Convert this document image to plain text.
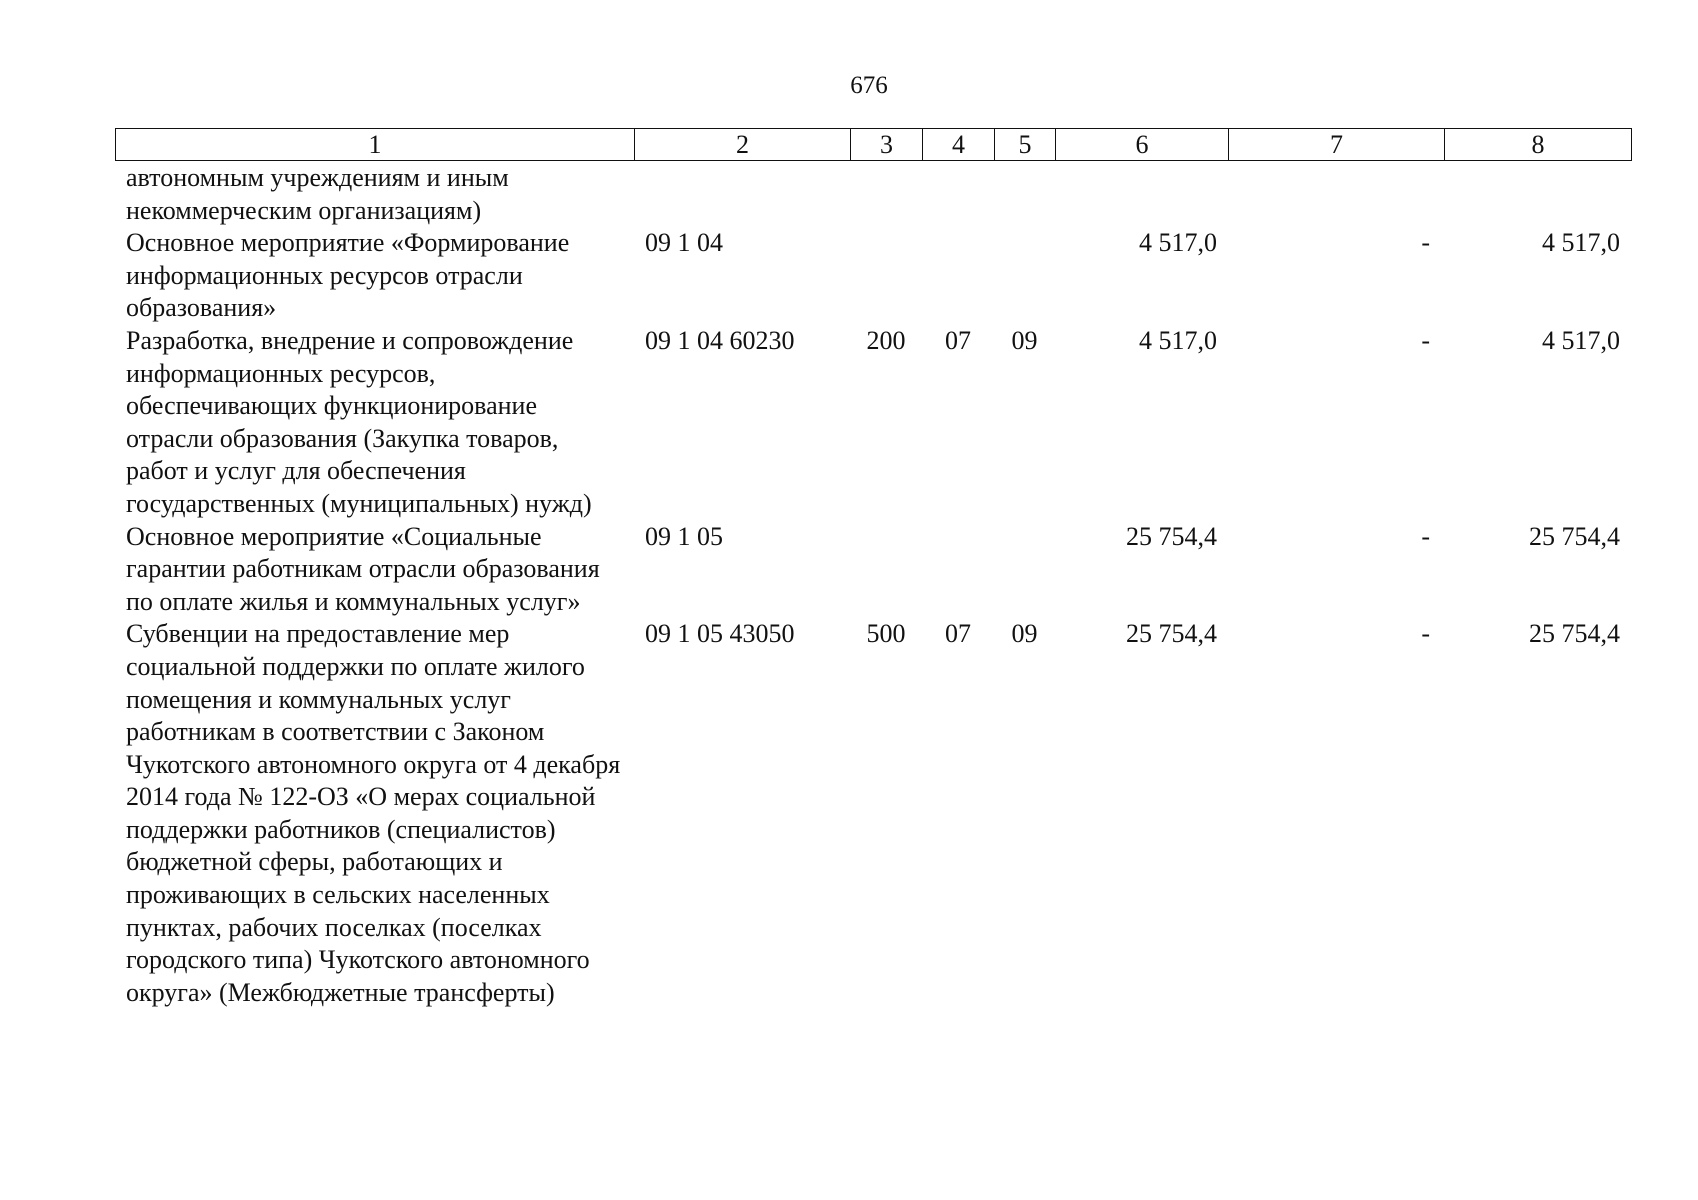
676
1	2	3	4	5	6	7	8
автономным учреждениям и иным некоммерческим организациям)							
Основное мероприятие «Формирование информационных ресурсов отрасли образования»	09 1 04				4 517,0	-	4 517,0
Разработка, внедрение и сопровождение информационных ресурсов, обеспечивающих функционирование отрасли образования (Закупка товаров, работ и услуг для обеспечения государственных (муниципальных) нужд)	09 1 04 60230	200	07	09	4 517,0	-	4 517,0
Основное мероприятие «Социальные гарантии работникам отрасли образования по оплате жилья и коммунальных услуг»	09 1 05				25 754,4	-	25 754,4
Субвенции на предоставление мер социальной поддержки по оплате жилого помещения и коммунальных услуг работникам в соответствии с Законом Чукотского автономного округа от 4 декабря 2014 года № 122-ОЗ «О мерах социальной поддержки работников (специалистов) бюджетной сферы, работающих и проживающих в сельских населенных пунктах, рабочих поселках (поселках городского типа) Чукотского автономного округа» (Межбюджетные трансферты)	09 1 05 43050	500	07	09	25 754,4	-	25 754,4
